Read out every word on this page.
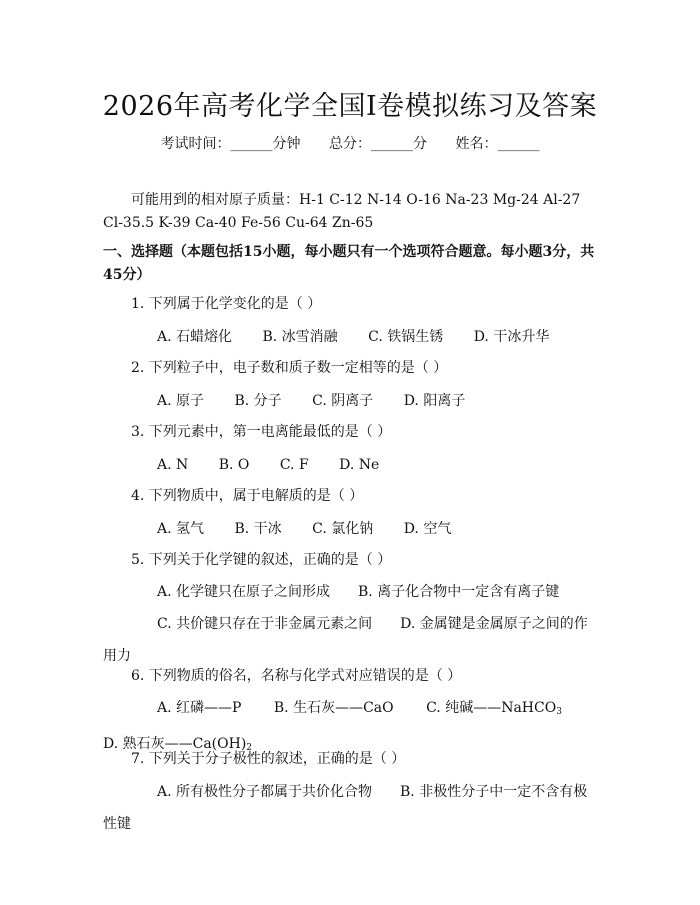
2026年高考化学全国I卷模拟练习及答案
考试时间：______分钟 总分：______分 姓名：______
可能用到的相对原子质量：H-1 C-12 N-14 O-16 Na-23 Mg-24 Al-27 Cl-35.5 K-39 Ca-40 Fe-56 Cu-64 Zn-65
一、选择题（本题包括15小题，每小题只有一个选项符合题意。每小题3分，共 45分）
1. 下列属于化学变化的是（ ）
A. 石蜡熔化 B. 冰雪消融 C. 铁锅生锈 D. 干冰升华
2. 下列粒子中，电子数和质子数一定相等的是（ ）
A. 原子 B. 分子 C. 阴离子 D. 阳离子
3. 下列元素中，第一电离能最低的是（ ）
A. N B. O C. F D. Ne
4. 下列物质中，属于电解质的是（ ）
A. 氢气 B. 干冰 C. 氯化钠 D. 空气
5. 下列关于化学键的叙述，正确的是（ ）
A. 化学键只在原子之间形成　　B. 离子化合物中一定含有离子键
C. 共价键只存在于非金属元素之间　　D. 金属键是金属原子之间的作用力
6. 下列物质的俗名，名称与化学式对应错误的是（ ）
A. 红磷——P　　 B. 生石灰——CaO　　 C. 纯碱——NaHCO$_3$　　 D. 熟石灰$——Ca(OH)_2$
7. 下列关于分子极性的叙述，正确的是（ ）
A. 所有极性分子都属于共价化合物　　B. 非极性分子中一定不含有极性键
